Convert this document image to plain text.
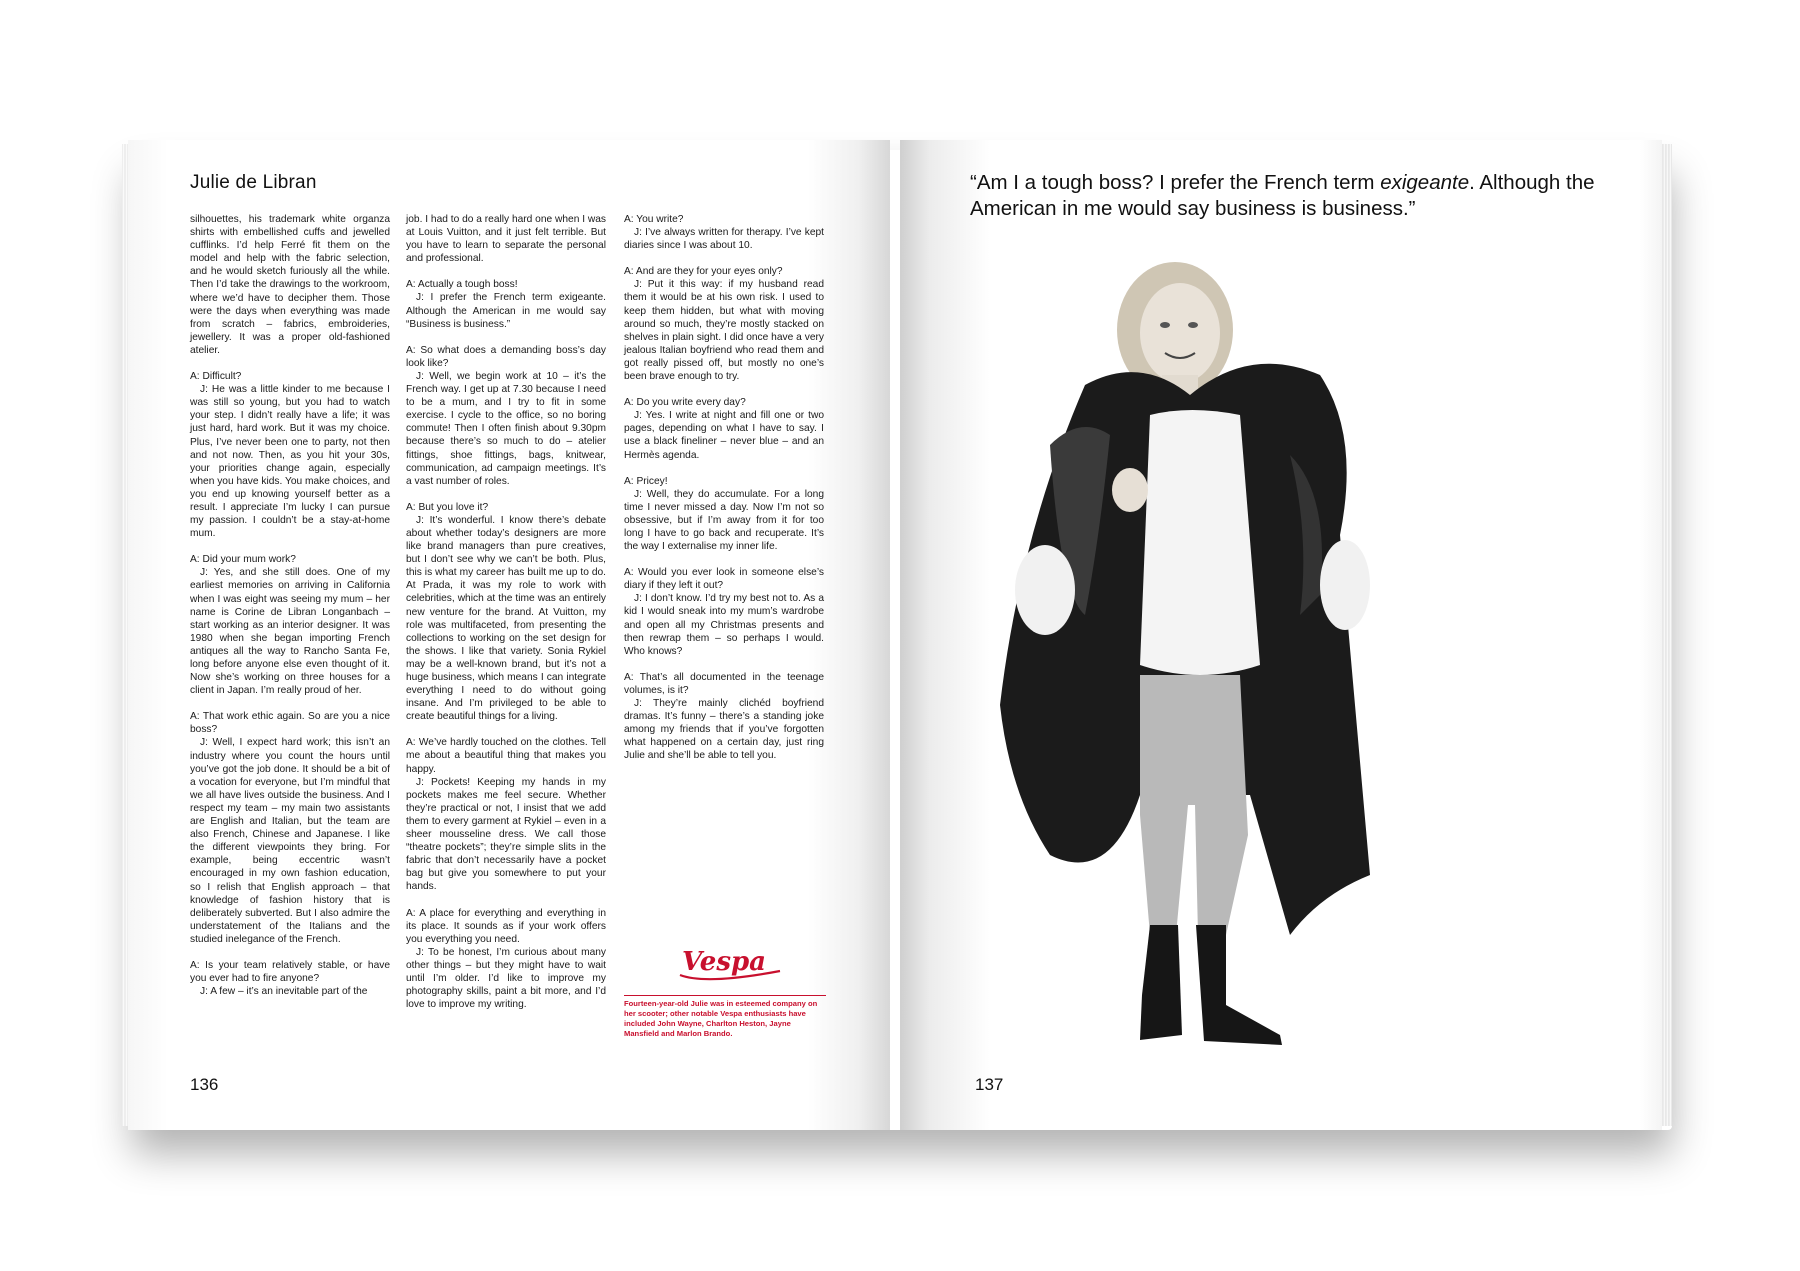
Julie de Libran

silhouettes, his trademark white organza shirts with embellished cuffs and jewelled cufflinks. I’d help Ferré fit them on the model and help with the fabric selection, and he would sketch furiously all the while. Then I’d take the drawings to the workroom, where we’d have to decipher them. Those were the days when everything was made from scratch – fabrics, embroideries, jewellery. It was a proper old-fashioned atelier.

A: Difficult?

J: He was a little kinder to me because I was still so young, but you had to watch your step. I didn’t really have a life; it was just hard, hard work. But it was my choice. Plus, I’ve never been one to party, not then and not now. Then, as you hit your 30s, your priorities change again, especially when you have kids. You make choices, and you end up knowing yourself better as a result. I appreciate I’m lucky I can pursue my passion. I couldn’t be a stay-at-home mum.

A: Did your mum work?

J: Yes, and she still does. One of my earliest memories on arriving in California when I was eight was seeing my mum – her name is Corine de Libran Longanbach – start working as an interior designer. It was 1980 when she began importing French antiques all the way to Rancho Santa Fe, long before anyone else even thought of it. Now she’s working on three houses for a client in Japan. I’m really proud of her.

A: That work ethic again. So are you a nice boss?

J: Well, I expect hard work; this isn’t an industry where you count the hours until you’ve got the job done. It should be a bit of a vocation for everyone, but I’m mindful that we all have lives outside the business. And I respect my team – my main two assistants are English and Italian, but the team are also French, Chinese and Japanese. I like the different viewpoints they bring. For example, being eccentric wasn’t encouraged in my own fashion education, so I relish that English approach – that knowledge of fashion history that is deliberately subverted. But I also admire the understatement of the Italians and the studied inelegance of the French.

A: Is your team relatively stable, or have you ever had to fire anyone?

J: A few – it’s an inevitable part of the

job. I had to do a really hard one when I was at Louis Vuitton, and it just felt terrible. But you have to learn to separate the personal and professional.

A: Actually a tough boss!

J: I prefer the French term exigeante. Although the American in me would say “Business is business.”

A: So what does a demanding boss’s day look like?

J: Well, we begin work at 10 – it’s the French way. I get up at 7.30 because I need to be a mum, and I try to fit in some exercise. I cycle to the office, so no boring commute! Then I often finish about 9.30pm because there’s so much to do – atelier fittings, shoe fittings, bags, knitwear, communication, ad campaign meetings. It’s a vast number of roles.

A: But you love it?

J: It’s wonderful. I know there’s debate about whether today’s designers are more like brand managers than pure creatives, but I don’t see why we can’t be both. Plus, this is what my career has built me up to do. At Prada, it was my role to work with celebrities, which at the time was an entirely new venture for the brand. At Vuitton, my role was multifaceted, from presenting the collections to working on the set design for the shows. I like that variety. Sonia Rykiel may be a well-known brand, but it’s not a huge business, which means I can integrate everything I need to do without going insane. And I’m privileged to be able to create beautiful things for a living.

A: We’ve hardly touched on the clothes. Tell me about a beautiful thing that makes you happy.

J: Pockets! Keeping my hands in my pockets makes me feel secure. Whether they’re practical or not, I insist that we add them to every garment at Rykiel – even in a sheer mousseline dress. We call those “theatre pockets”; they’re simple slits in the fabric that don’t necessarily have a pocket bag but give you somewhere to put your hands.

A: A place for everything and everything in its place. It sounds as if your work offers you everything you need.

J: To be honest, I’m curious about many other things – but they might have to wait until I’m older. I’d like to improve my photography skills, paint a bit more, and I’d love to improve my writing.

A: You write?

J: I’ve always written for therapy. I’ve kept diaries since I was about 10.

A: And are they for your eyes only?

J: Put it this way: if my husband read them it would be at his own risk. I used to keep them hidden, but what with moving around so much, they’re mostly stacked on shelves in plain sight. I did once have a very jealous Italian boyfriend who read them and got really pissed off, but mostly no one’s been brave enough to try.

A: Do you write every day?

J: Yes. I write at night and fill one or two pages, depending on what I have to say. I use a black fineliner – never blue – and an Hermès agenda.

A: Pricey!

J: Well, they do accumulate. For a long time I never missed a day. Now I’m not so obsessive, but if I’m away from it for too long I have to go back and recuperate. It’s the way I externalise my inner life.

A: Would you ever look in someone else’s diary if they left it out?

J: I don’t know. I’d try my best not to. As a kid I would sneak into my mum’s wardrobe and open all my Christmas presents and then rewrap them – so perhaps I would. Who knows?

A: That’s all documented in the teenage volumes, is it?

J: They’re mainly clichéd boyfriend dramas. It’s funny – there’s a standing joke among my friends that if you’ve forgotten what happened on a certain day, just ring Julie and she’ll be able to tell you.

Vespa
Fourteen-year-old Julie was in esteemed company on her scooter; other notable Vespa enthusiasts have included John Wayne, Charlton Heston, Jayne Mansfield and Marlon Brando.
136
“Am I a tough boss? I prefer the French term exigeante. Although the American in me would say business is business.”
137
